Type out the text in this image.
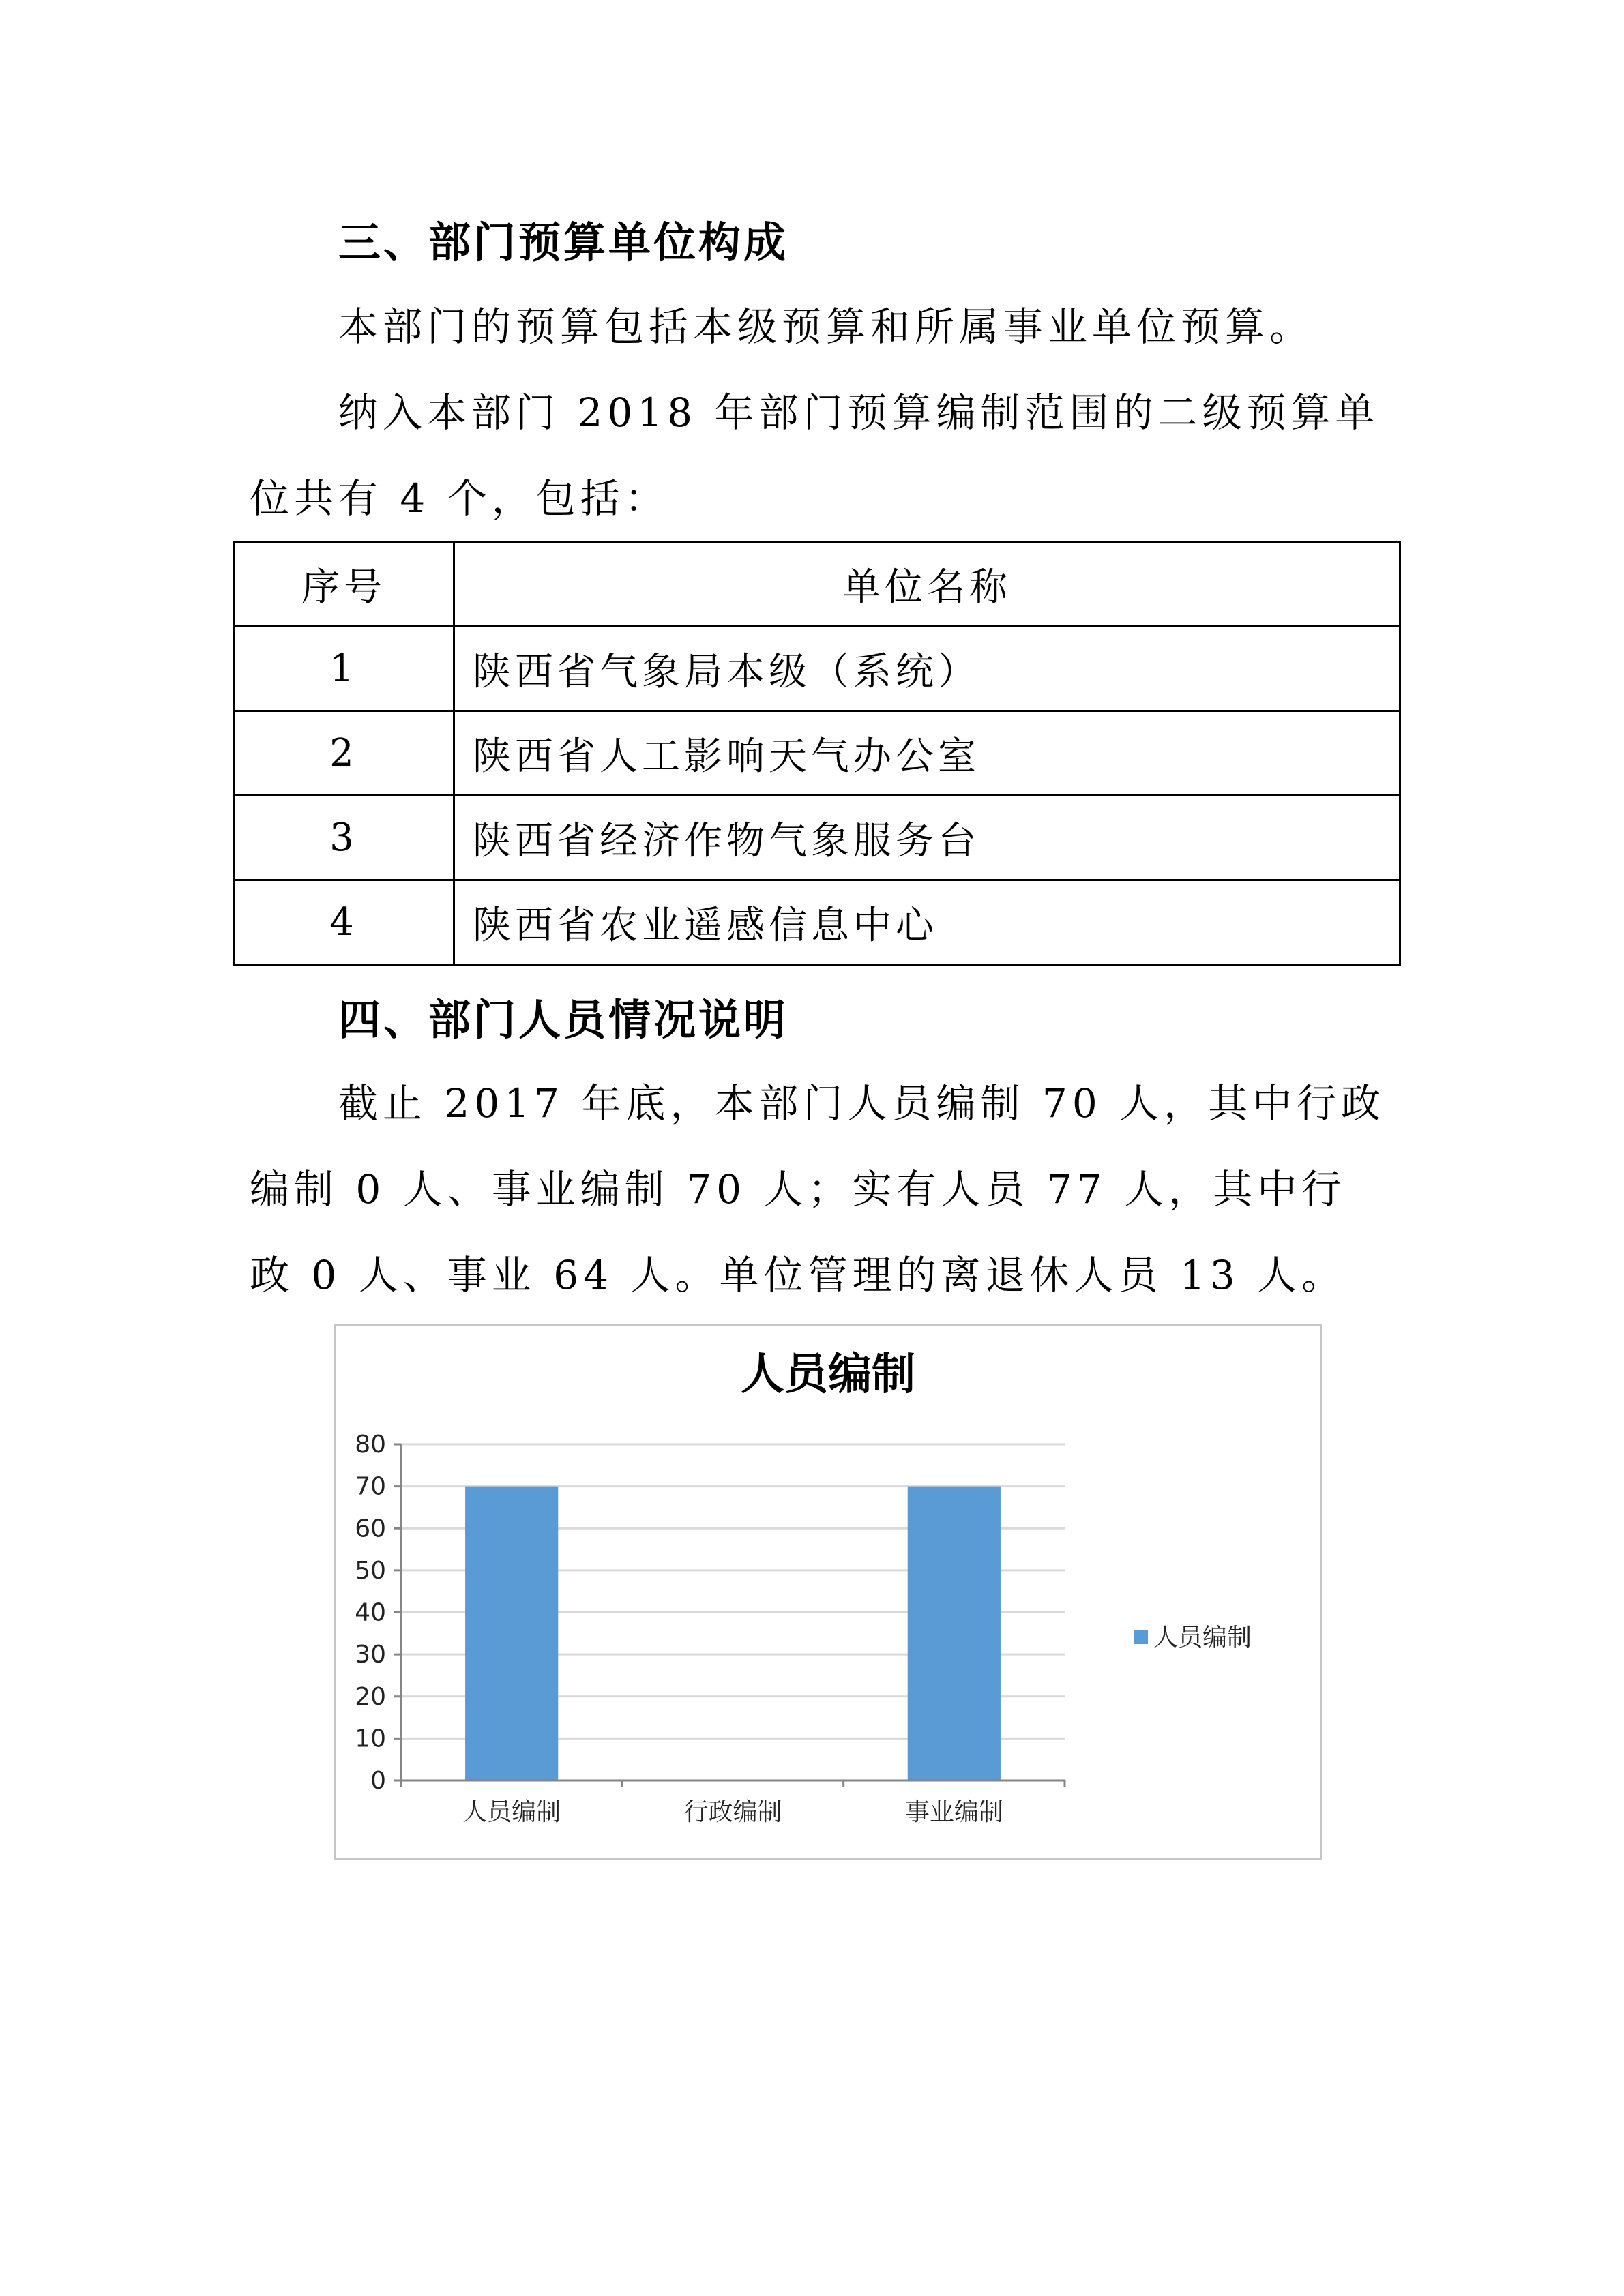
三、部门预算单位构成

本部门的预算包括本级预算和所属事业单位预算。

纳入本部门 2018 年部门预算编制范围的二级预算单位共有 4 个，包括：

序号	单位名称
1	陕西省气象局本级（系统）
2	陕西省人工影响天气办公室
3	陕西省经济作物气象服务台
4	陕西省农业遥感信息中心
四、部门人员情况说明

截止 2017 年底，本部门人员编制 70 人，其中行政编制 0 人、事业编制 70 人；实有人员 77 人，其中行政 0 人、事业 64 人。单位管理的离退休人员 13 人。

人员编制
0
10
20
30
40
50
60
70
80
人员编制	行政编制	事业编制
人员编制
